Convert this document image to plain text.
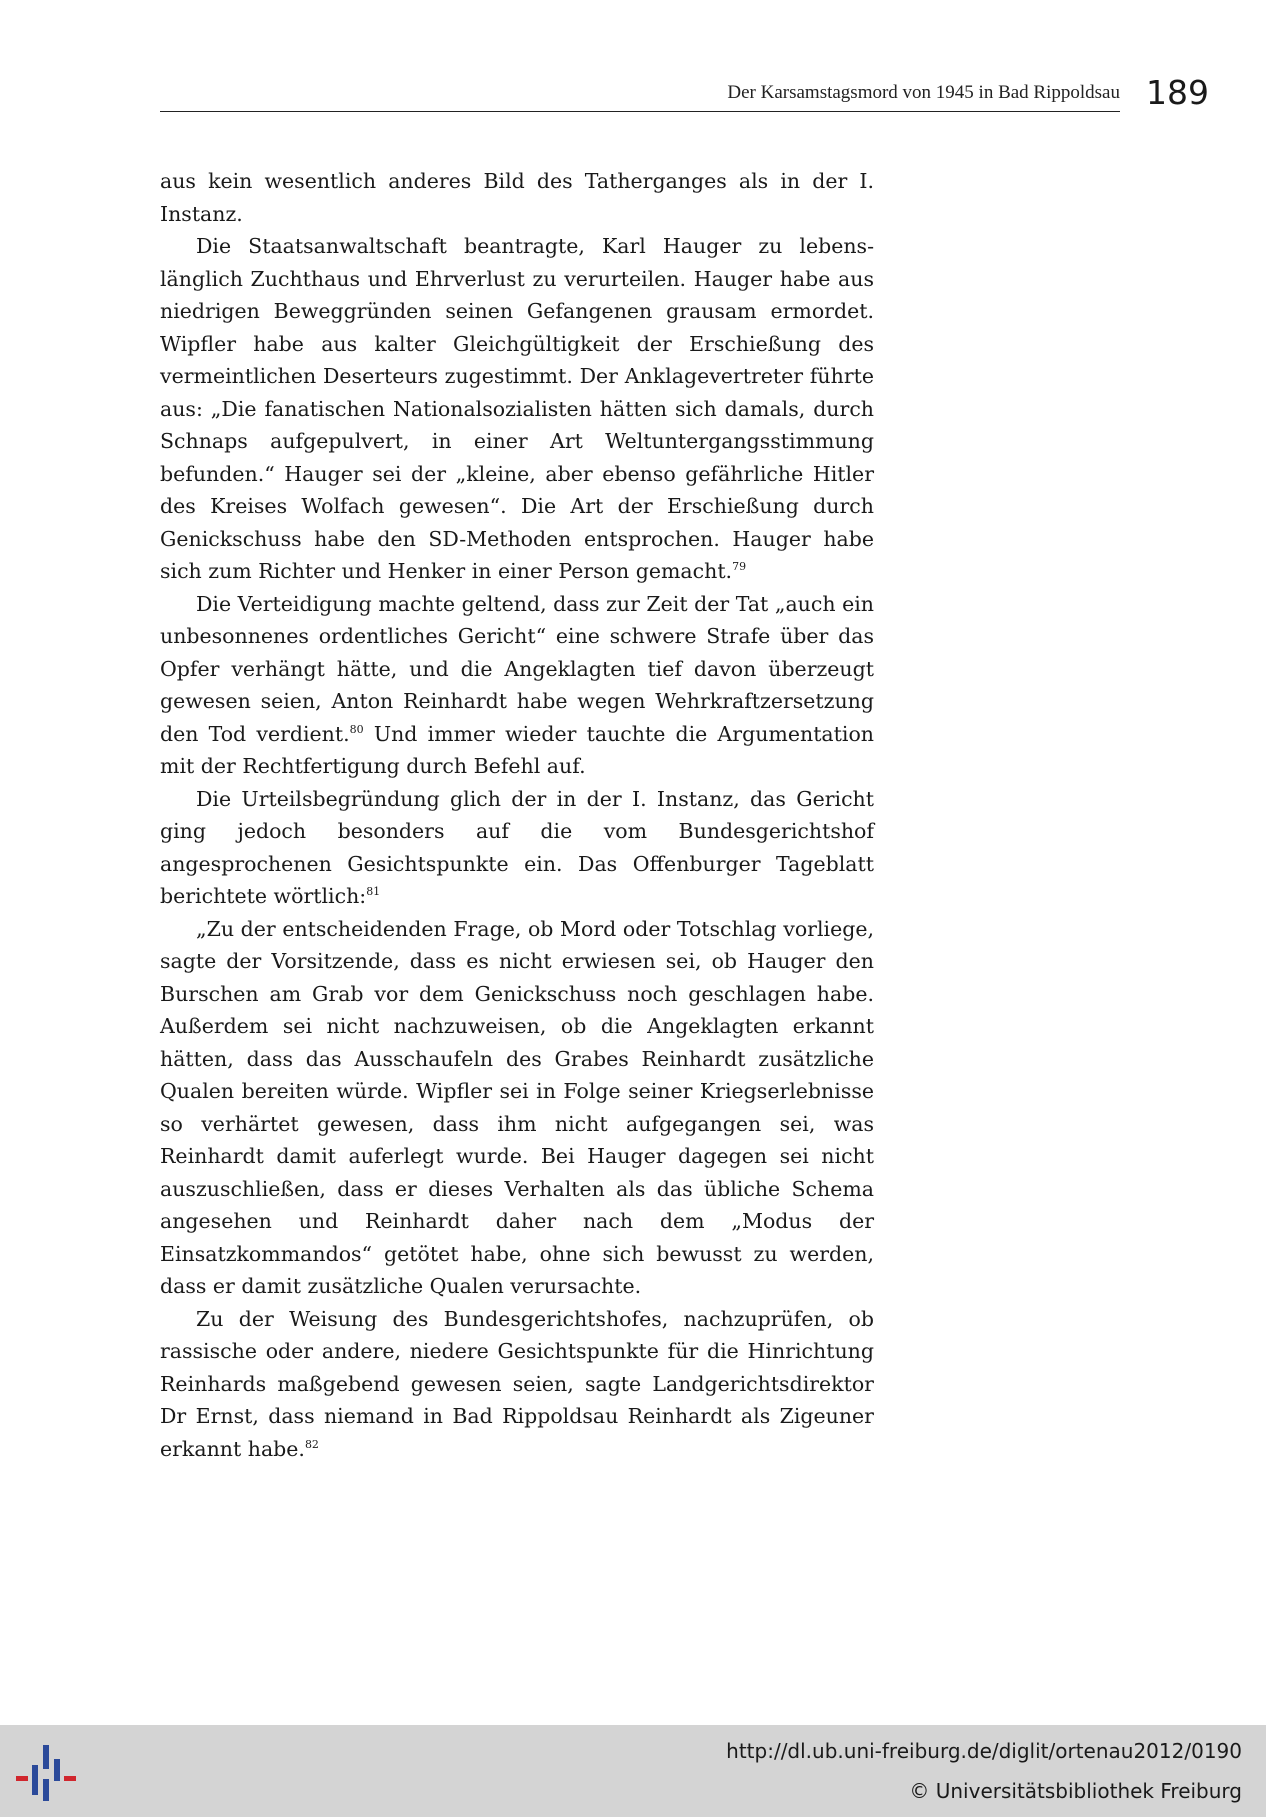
Der Karsamstagsmord von 1945 in Bad Rippoldsau 189

aus kein wesentlich anderes Bild des Tatherganges als in der I. Instanz.

Die Staatsanwaltschaft beantragte, Karl Hauger zu lebenslänglich Zuchthaus und Ehrverlust zu verurteilen. Hauger habe aus niedrigen Beweggründen seinen Gefangenen grausam ermordet. Wipfler habe aus kalter Gleichgültigkeit der Erschießung des vermeintlichen Deserteurs zugestimmt. Der Anklagevertreter führte aus: „Die fanatischen Nationalsozialisten hätten sich damals, durch Schnaps aufgepulvert, in einer Art Weltuntergangsstimmung befunden.“ Hauger sei der „kleine, aber ebenso gefährliche Hitler des Kreises Wolfach gewesen“. Die Art der Erschießung durch Genickschuss habe den SD-Methoden entsprochen. Hauger habe sich zum Richter und Henker in einer Person gemacht.$^{79}$

Die Verteidigung machte geltend, dass zur Zeit der Tat „auch ein unbesonnenes ordentliches Gericht“ eine schwere Strafe über das Opfer verhängt hätte, und die Angeklagten tief davon überzeugt gewesen seien, Anton Reinhardt habe wegen Wehrkraftzersetzung den Tod verdient.$^{80}$ Und immer wieder tauchte die Argumentation mit der Rechtfertigung durch Befehl auf.

Die Urteilsbegründung glich der in der I. Instanz, das Gericht ging jedoch besonders auf die vom Bundesgerichtshof angesprochenen Gesichtspunkte ein. Das Offenburger Tageblatt berichtete wörtlich:$^{81}$

„Zu der entscheidenden Frage, ob Mord oder Totschlag vorliege, sagte der Vorsitzende, dass es nicht erwiesen sei, ob Hauger den Burschen am Grab vor dem Genickschuss noch geschlagen habe. Außerdem sei nicht nachzuweisen, ob die Angeklagten erkannt hätten, dass das Ausschaufeln des Grabes Reinhardt zusätzliche Qualen bereiten würde. Wipfler sei in Folge seiner Kriegserlebnisse so verhärtet gewesen, dass ihm nicht aufgegangen sei, was Reinhardt damit auferlegt wurde. Bei Hauger dagegen sei nicht auszuschließen, dass er dieses Verhalten als das übliche Schema angesehen und Reinhardt daher nach dem „Modus der Einsatzkommandos“ getötet habe, ohne sich bewusst zu werden, dass er damit zusätzliche Qualen verursachte.

Zu der Weisung des Bundesgerichtshofes, nachzuprüfen, ob rassische oder andere, niedere Gesichtspunkte für die Hinrichtung Reinhards maßgebend gewesen seien, sagte Landgerichtsdirektor Dr Ernst, dass niemand in Bad Rippoldsau Reinhardt als Zigeuner erkannt habe.$^{82}$

http://dl.ub.uni-freiburg.de/diglit/ortenau2012/0190
© Universitätsbibliothek Freiburg
